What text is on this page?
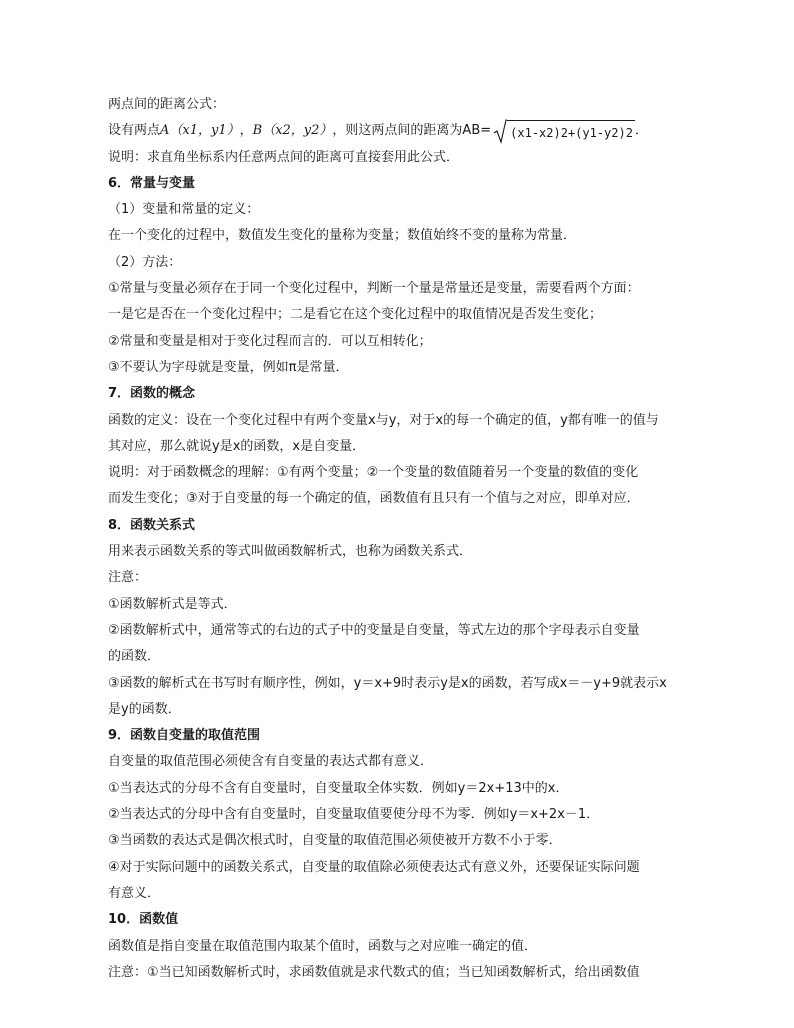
两点间的距离公式：
设有两点 A（x1，y1） ， B（x2，y2） ，则这两点间的距离为AB= (x1-x2)2+(y1-y2)2 ．
说明：求直角坐标系内任意两点间的距离可直接套用此公式．
6．常量与变量
（1）变量和常量的定义：
在一个变化的过程中，数值发生变化的量称为变量；数值始终不变的量称为常量．
（2）方法：
①常量与变量必须存在于同一个变化过程中，判断一个量是常量还是变量，需要看两个方面：
一是它是否在一个变化过程中；二是看它在这个变化过程中的取值情况是否发生变化；
②常量和变量是相对于变化过程而言的．可以互相转化；
③不要认为字母就是变量，例如π是常量．
7．函数的概念
函数的定义：设在一个变化过程中有两个变量x与y，对于x的每一个确定的值，y都有唯一的值与
其对应，那么就说y是x的函数，x是自变量．
说明：对于函数概念的理解：①有两个变量；②一个变量的数值随着另一个变量的数值的变化
而发生变化；③对于自变量的每一个确定的值，函数值有且只有一个值与之对应，即单对应．
8．函数关系式
用来表示函数关系的等式叫做函数解析式，也称为函数关系式．
注意：
①函数解析式是等式．
②函数解析式中，通常等式的右边的式子中的变量是自变量，等式左边的那个字母表示自变量
的函数．
③函数的解析式在书写时有顺序性，例如，y＝x+9时表示y是x的函数，若写成x＝－y+9就表示x
是y的函数．
9．函数自变量的取值范围
自变量的取值范围必须使含有自变量的表达式都有意义．
①当表达式的分母不含有自变量时，自变量取全体实数．例如y＝2x+13中的x．
②当表达式的分母中含有自变量时，自变量取值要使分母不为零．例如y＝x+2x－1．
③当函数的表达式是偶次根式时，自变量的取值范围必须使被开方数不小于零．
④对于实际问题中的函数关系式，自变量的取值除必须使表达式有意义外，还要保证实际问题
有意义．
10．函数值
函数值是指自变量在取值范围内取某个值时，函数与之对应唯一确定的值．
注意：①当已知函数解析式时，求函数值就是求代数式的值；当已知函数解析式，给出函数值
